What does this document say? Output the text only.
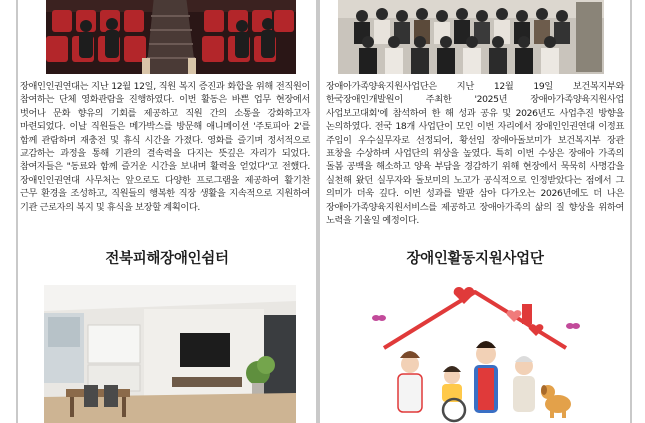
장애인인권연대는 지난 12월 12일, 직원 복지 증진과 화합을 위해 전직원이 참여하는 단체 영화관람을 진행하였다. 이번 활동은 바쁜 업무 현장에서 벗어나 문화 향유의 기회를 제공하고 직원 간의 소통을 강화하고자 마련되었다. 이날 직원들은 메가박스를 방문해 애니메이션 '주토피아 2'를 함께 관람하며 재충전 및 휴식 시간을 가졌다. 영화를 즐기며 정서적으로 교감하는 과정을 통해 기관의 결속력을 다지는 뜻깊은 자리가 되었다. 참여자들은 "동료와 함께 즐거운 시간을 보내며 활력을 얻었다"고 전했다. 장애인인권연대 사무처는 앞으로도 다양한 프로그램을 제공하여 활기찬 근무 환경을 조성하고, 직원들의 행복한 직장 생활을 지속적으로 지원하여 기관 근로자의 복지 및 휴식을 보장할 계획이다.

장애아가족양육지원사업단은 지난 12월 19일 보건복지부와 한국장애인개발원이 주최한 '2025년 장애아가족양육지원사업 사업보고대회'에 참석하여 한 해 성과 공유 및 2026년도 사업추진 방향을 논의하였다. 전국 18개 사업단이 모인 이번 자리에서 장애인인권연대 이정표 주임이 우수실무자로 선정되어, 황선임 장애아돌보미가 보건복지부 장관 표창을 수상하며 사업단의 위상을 높였다. 특히 이번 수상은 장애아 가족의 돌봄 공백을 해소하고 양육 부담을 경감하기 위해 현장에서 묵묵히 사명감을 실천해 왔던 실무자와 돌보미의 노고가 공식적으로 인정받았다는 점에서 그 의미가 더욱 깊다. 이번 성과를 발판 삼아 다가오는 2026년에도 더 나은 장애아가족양육지원서비스를 제공하고 장애아가족의 삶의 질 향상을 위하여 노력을 기울일 예정이다.

전북피해장애인쉼터	장애인활동지원사업단
